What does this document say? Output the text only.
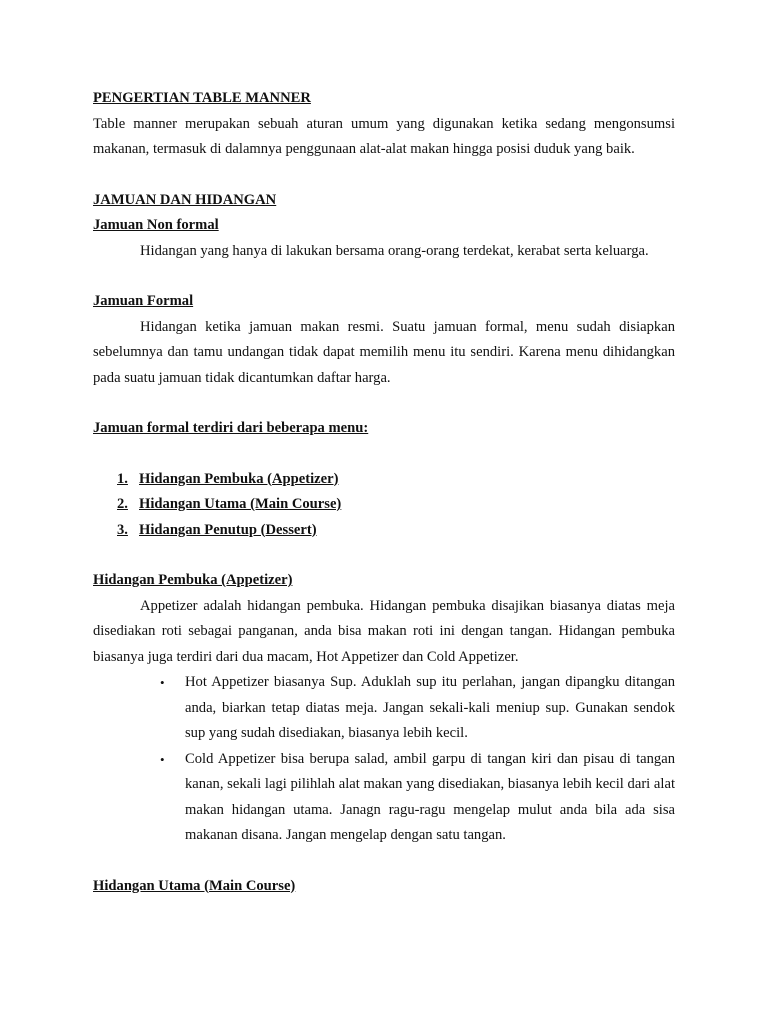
PENGERTIAN TABLE MANNER

Table manner merupakan sebuah aturan umum yang digunakan ketika sedang mengonsumsi makanan, termasuk di dalamnya penggunaan alat-alat makan hingga posisi duduk yang baik.

JAMUAN DAN HIDANGAN

Jamuan Non formal

Hidangan yang hanya di lakukan bersama orang-orang terdekat, kerabat serta keluarga.

Jamuan Formal

Hidangan ketika jamuan makan resmi. Suatu jamuan formal, menu sudah disiapkan sebelumnya dan tamu undangan tidak dapat memilih menu itu sendiri. Karena menu dihidangkan pada suatu jamuan tidak dicantumkan daftar harga.

Jamuan formal terdiri dari beberapa menu:

1. Hidangan Pembuka (Appetizer)
2. Hidangan Utama (Main Course)
3. Hidangan Penutup (Dessert)

Hidangan Pembuka (Appetizer)

Appetizer adalah hidangan pembuka. Hidangan pembuka disajikan biasanya diatas meja disediakan roti sebagai panganan, anda bisa makan roti ini dengan tangan. Hidangan pembuka biasanya juga terdiri dari dua macam, Hot Appetizer dan Cold Appetizer.

• Hot Appetizer biasanya Sup. Aduklah sup itu perlahan, jangan dipangku ditangan anda, biarkan tetap diatas meja. Jangan sekali-kali meniup sup. Gunakan sendok sup yang sudah disediakan, biasanya lebih kecil.
• Cold Appetizer bisa berupa salad, ambil garpu di tangan kiri dan pisau di tangan kanan, sekali lagi pilihlah alat makan yang disediakan, biasanya lebih kecil dari alat makan hidangan utama. Janagn ragu-ragu mengelap mulut anda bila ada sisa makanan disana. Jangan mengelap dengan satu tangan.

Hidangan Utama (Main Course)
